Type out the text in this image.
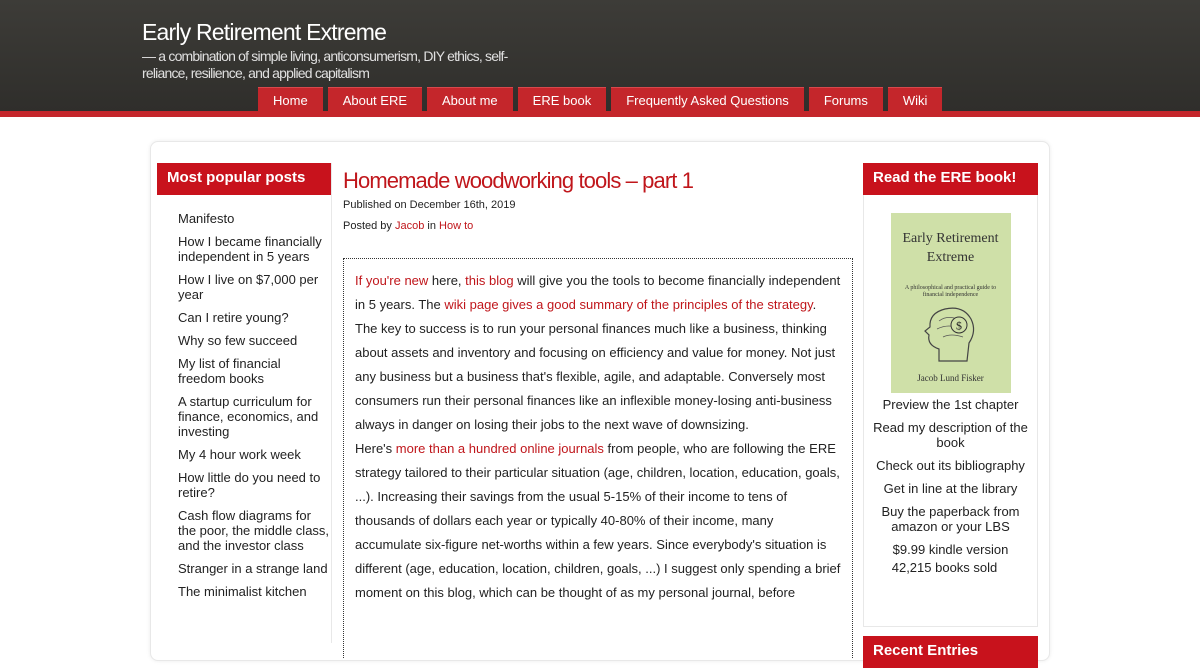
Early Retirement Extreme
— a combination of simple living, anticonsumerism, DIY ethics, self-reliance, resilience, and applied capitalism
Home	About ERE	About me	ERE book	Frequently Asked Questions	Forums	Wiki
Most popular posts
Manifesto
How I became financially independent in 5 years
How I live on $7,000 per year
Can I retire young?
Why so few succeed
My list of financial freedom books
A startup curriculum for finance, economics, and investing
My 4 hour work week
How little do you need to retire?
Cash flow diagrams for the poor, the middle class, and the investor class
Stranger in a strange land
The minimalist kitchen
Homemade woodworking tools – part 1
Published on December 16th, 2019
Posted by Jacob in How to

If you're new here, this blog will give you the tools to become financially independent in 5 years. The wiki page gives a good summary of the principles of the strategy. The key to success is to run your personal finances much like a business, thinking about assets and inventory and focusing on efficiency and value for money. Not just any business but a business that's flexible, agile, and adaptable. Conversely most consumers run their personal finances like an inflexible money-losing anti-business always in danger on losing their jobs to the next wave of downsizing.

Here's more than a hundred online journals from people, who are following the ERE strategy tailored to their particular situation (age, children, location, education, goals, ...). Increasing their savings from the usual 5-15% of their income to tens of thousands of dollars each year or typically 40-80% of their income, many accumulate six-figure net-worths within a few years. Since everybody's situation is different (age, education, location, children, goals, ...) I suggest only spending a brief moment on this blog, which can be thought of as my personal journal, before

Read the ERE book!
Early Retirement Extreme
A philosophical and practical guide to financial independence
$
Jacob Lund Fisker
Preview the 1st chapter
Read my description of the book
Check out its bibliography
Get in line at the library
Buy the paperback from amazon or your LBS
$9.99 kindle version
42,215 books sold
Recent Entries
